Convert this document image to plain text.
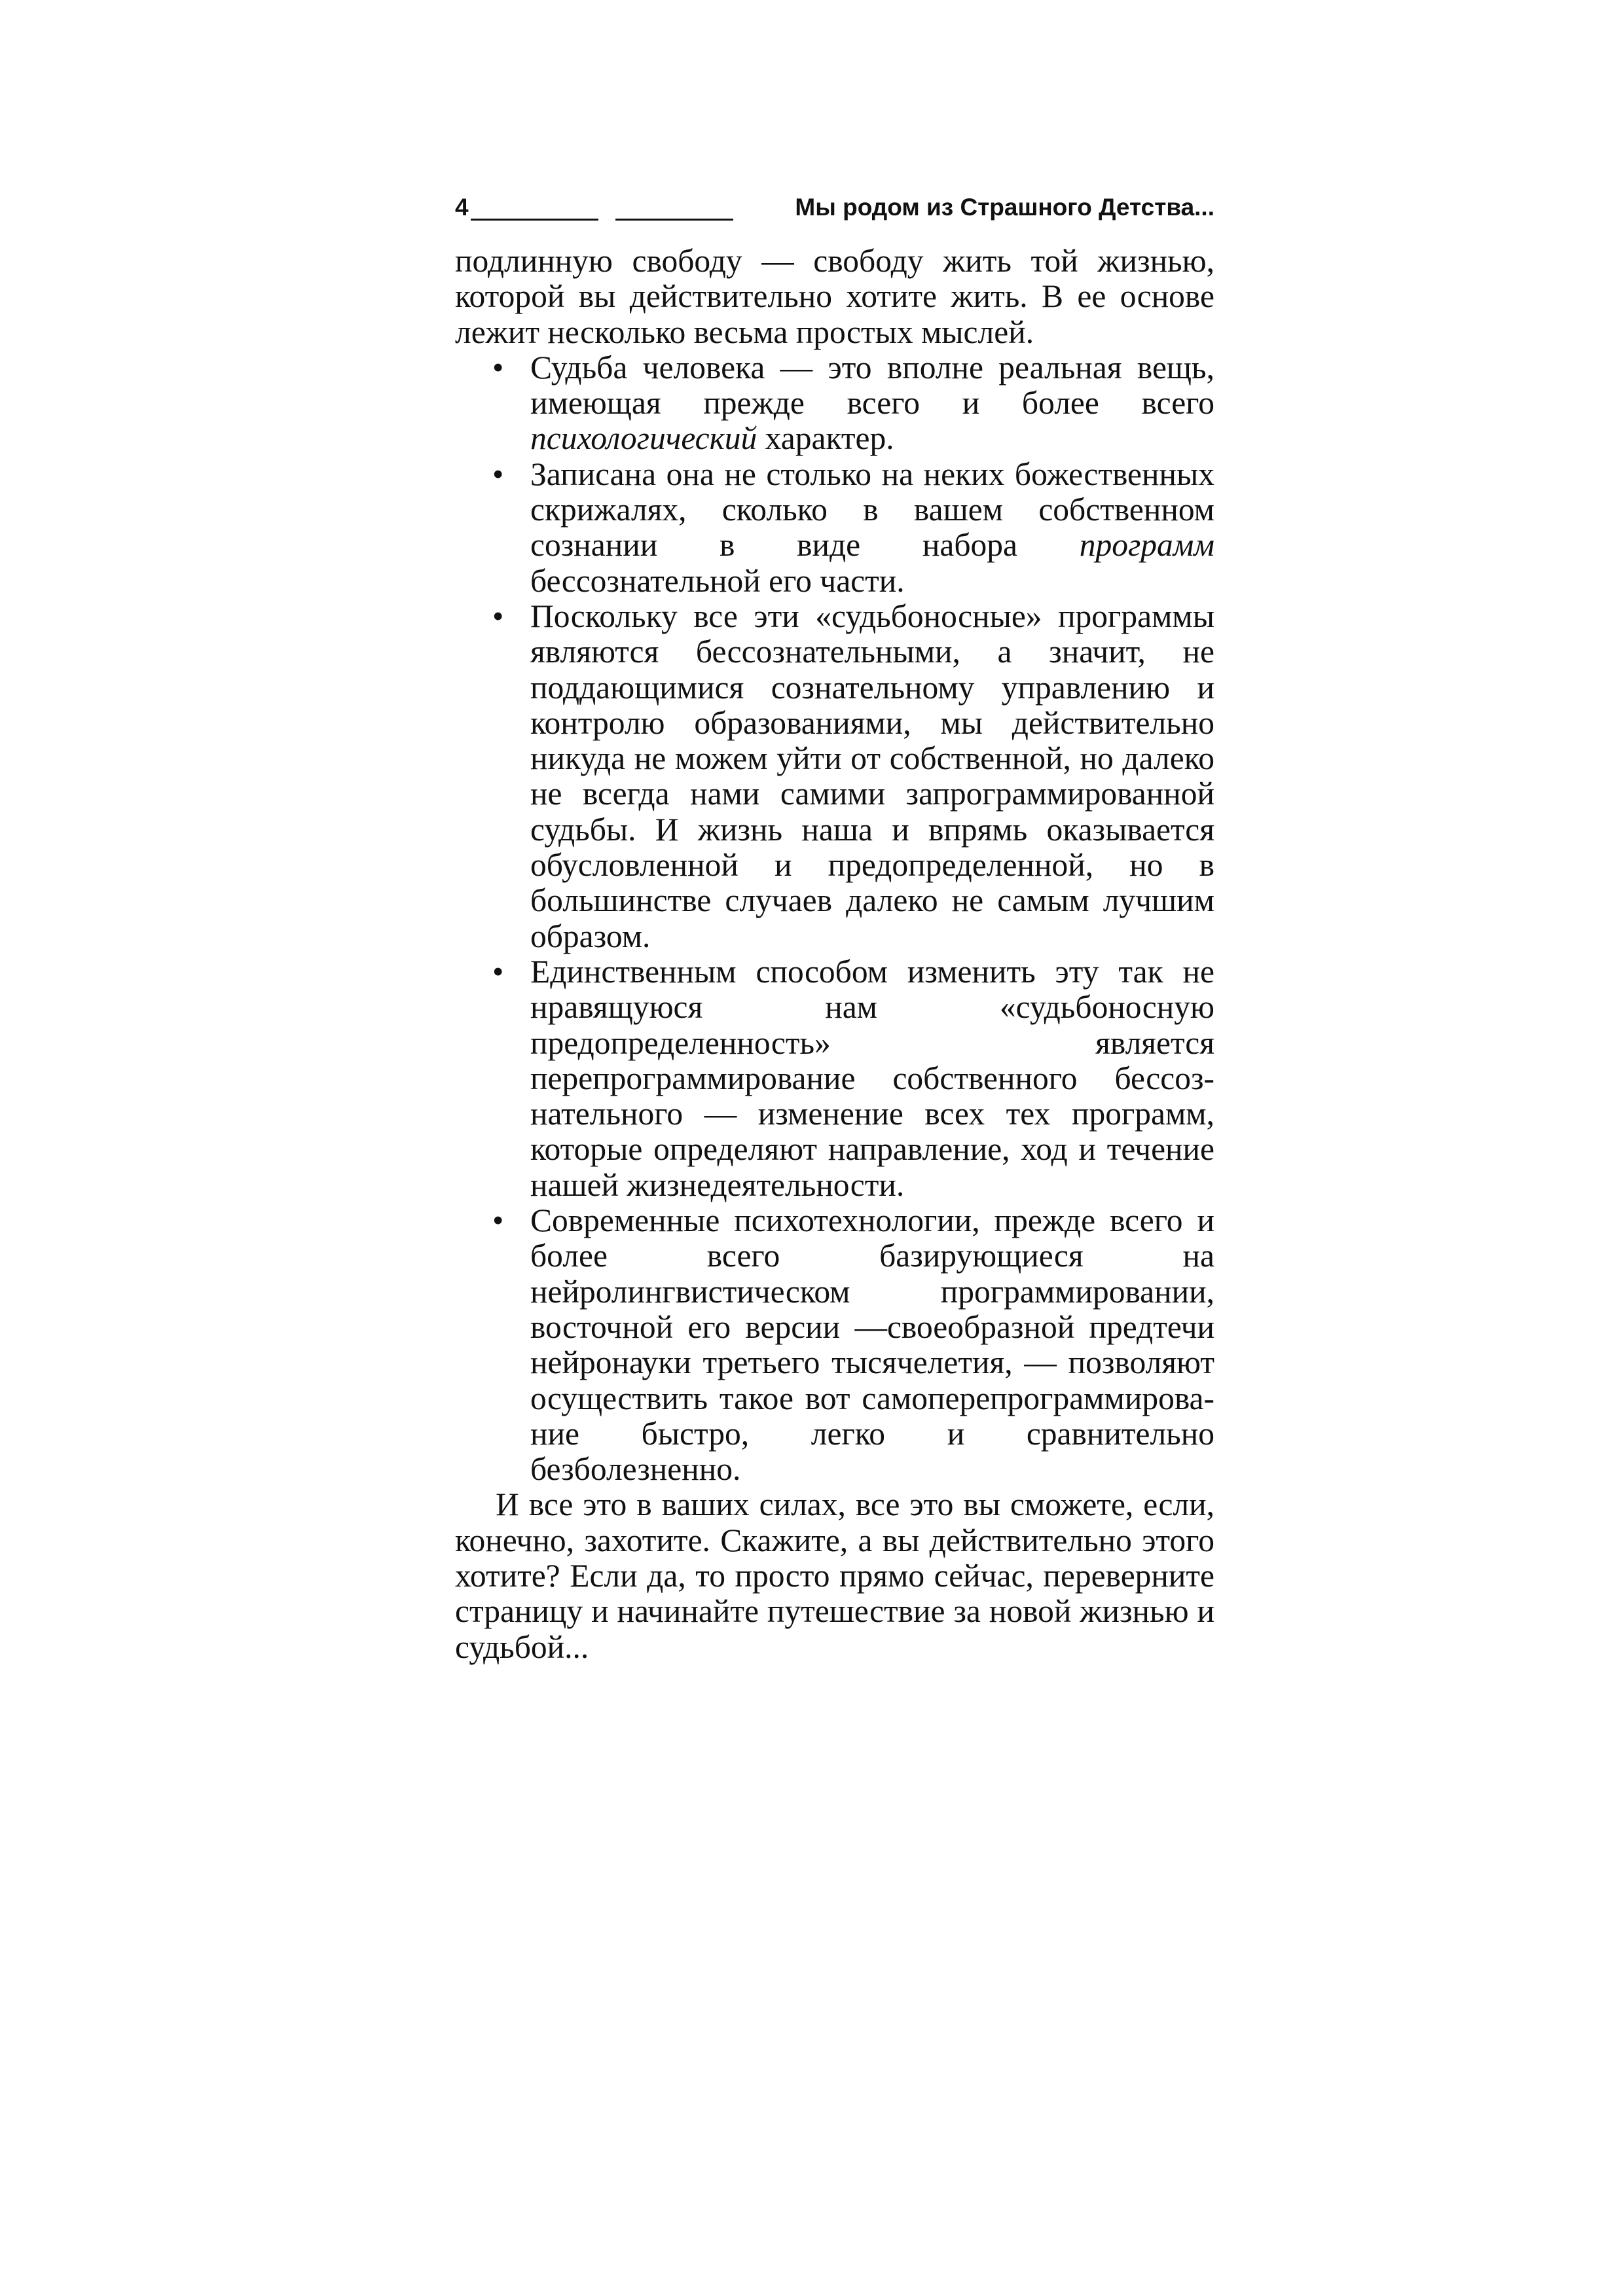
4	Мы родом из Страшного Детства...

подлинную свободу — свободу жить той жизнью, которой вы действительно хотите жить. В ее основе лежит несколько весьма простых мыслей.

• Судьба человека — это вполне реальная вещь, имеющая прежде всего и более всего психологический характер.
• Записана она не столько на неких божественных скрижалях, сколько в вашем собственном сознании в виде набора программ бессознательной его части.
• Поскольку все эти «судьбоносные» программы являются бессознательными, а значит, не поддающимися сознательному управлению и контролю образованиями, мы действительно никуда не можем уйти от собственной, но далеко не всегда нами самими запрограммированной судьбы. И жизнь наша и впрямь оказывается обусловленной и предопределенной, но в большинстве случаев далеко не самым лучшим образом.
• Единственным способом изменить эту так не нравящуюся нам «судьбоносную предопределенность» является перепрограммирование собственного бессознательного — изменение всех тех программ, которые определяют направление, ход и течение нашей жизнедеятельности.
• Современные психотехнологии, прежде всего и более всего базирующиеся на нейролингвистическом программировании, восточной его версии —своеобразной предтечи нейронауки третьего тысячелетия, — позволяют осуществить такое вот самоперепрограммирование быстро, легко и сравнительно безболезненно.

И все это в ваших силах, все это вы сможете, если, конечно, захотите. Скажите, а вы действительно этого хотите? Если да, то просто прямо сейчас, переверните страницу и начинайте путешествие за новой жизнью и судьбой...
